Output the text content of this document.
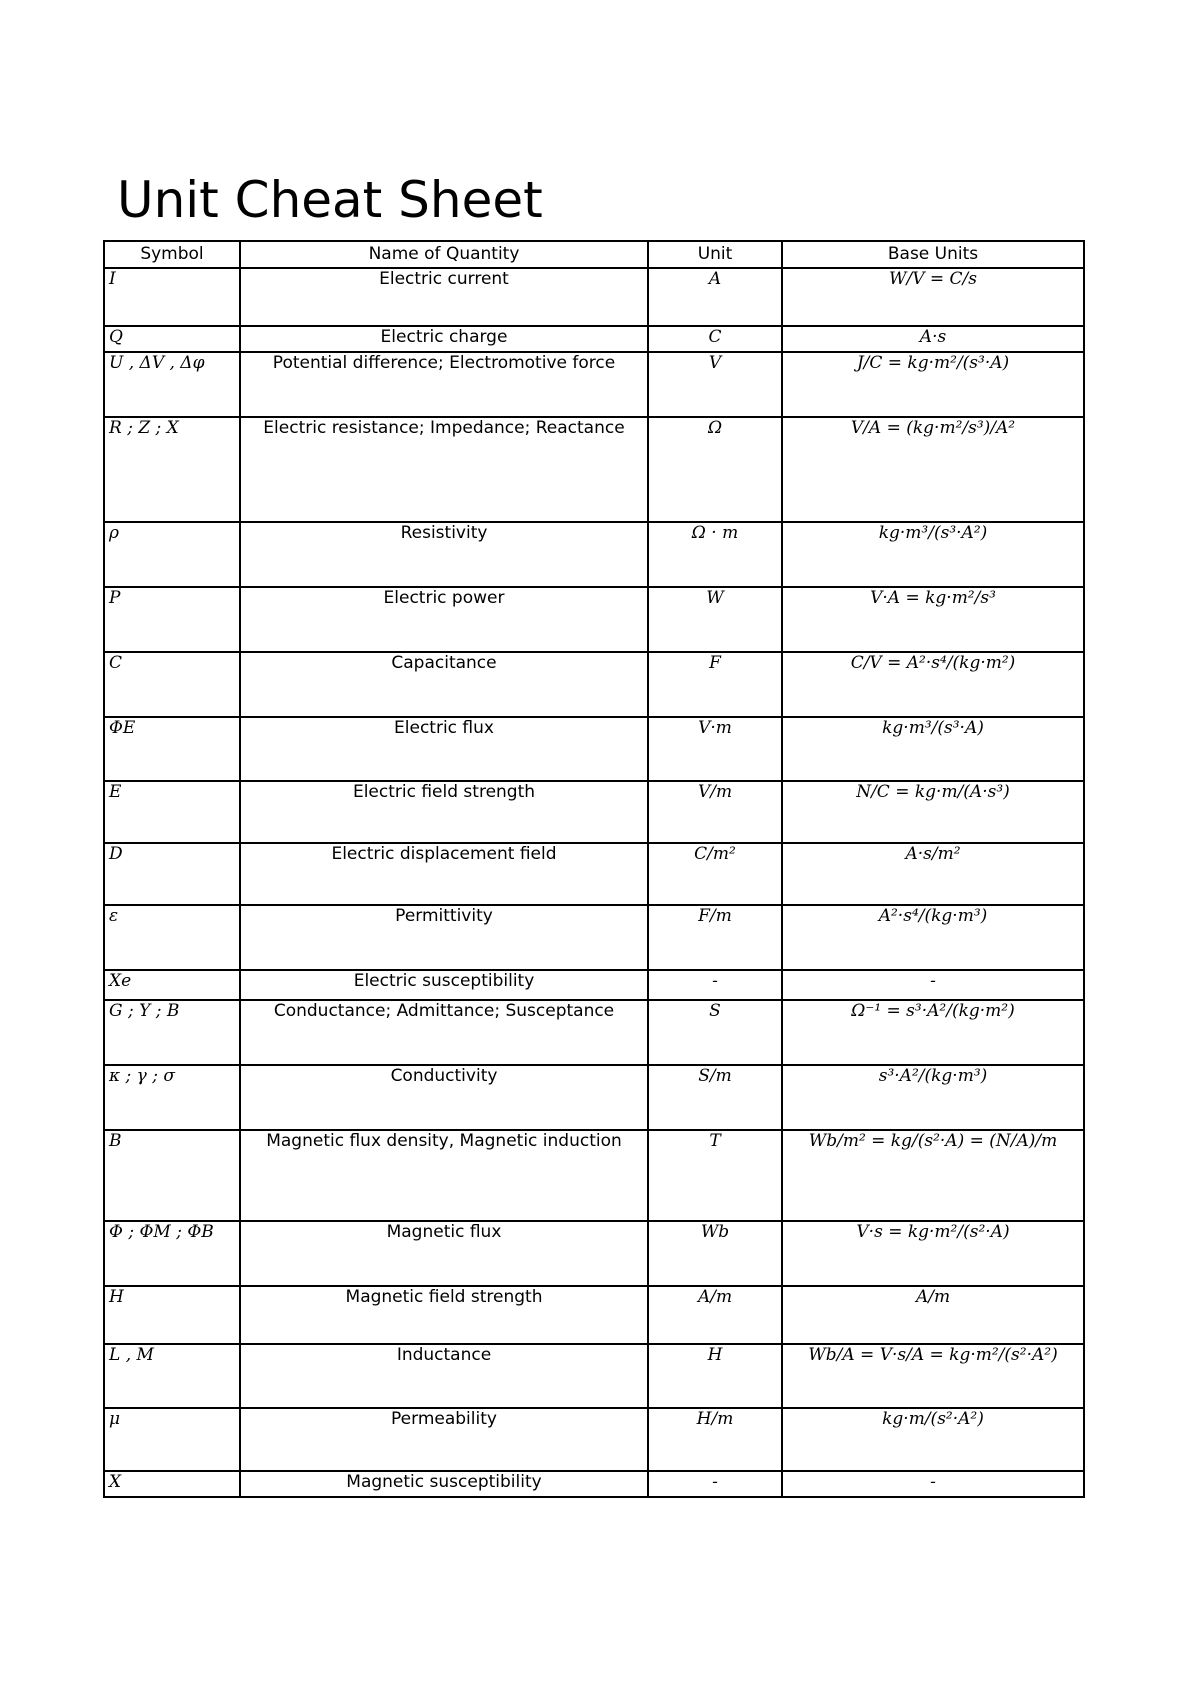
Unit Cheat Sheet
Symbol	Name of Quantity	Unit	Base Units
I	Electric current	A	W/V = C/s
Q	Electric charge	C	A·s
U , ΔV , Δφ	Potential difference; Electromotive force	V	J/C = kg·m²/(s³·A)
R ; Z ; X	Electric resistance; Impedance; Reactance	Ω	V/A = (kg·m²/s³)/A²
ρ	Resistivity	Ω · m	kg·m³/(s³·A²)
P	Electric power	W	V·A = kg·m²/s³
C	Capacitance	F	C/V = A²·s⁴/(kg·m²)
ΦE	Electric flux	V·m	kg·m³/(s³·A)
E	Electric field strength	V/m	N/C = kg·m/(A·s³)
D	Electric displacement field	C/m²	A·s/m²
ε	Permittivity	F/m	A²·s⁴/(kg·m³)
Xe	Electric susceptibility	-	-
G ; Y ; B	Conductance; Admittance; Susceptance	S	Ω⁻¹ = s³·A²/(kg·m²)
κ ; γ ; σ	Conductivity	S/m	s³·A²/(kg·m³)
B	Magnetic flux density, Magnetic induction	T	Wb/m² = kg/(s²·A) = (N/A)/m
Φ ; ΦM ; ΦB	Magnetic flux	Wb	V·s = kg·m²/(s²·A)
H	Magnetic field strength	A/m	A/m
L , M	Inductance	H	Wb/A = V·s/A = kg·m²/(s²·A²)
μ	Permeability	H/m	kg·m/(s²·A²)
X	Magnetic susceptibility	-	-
